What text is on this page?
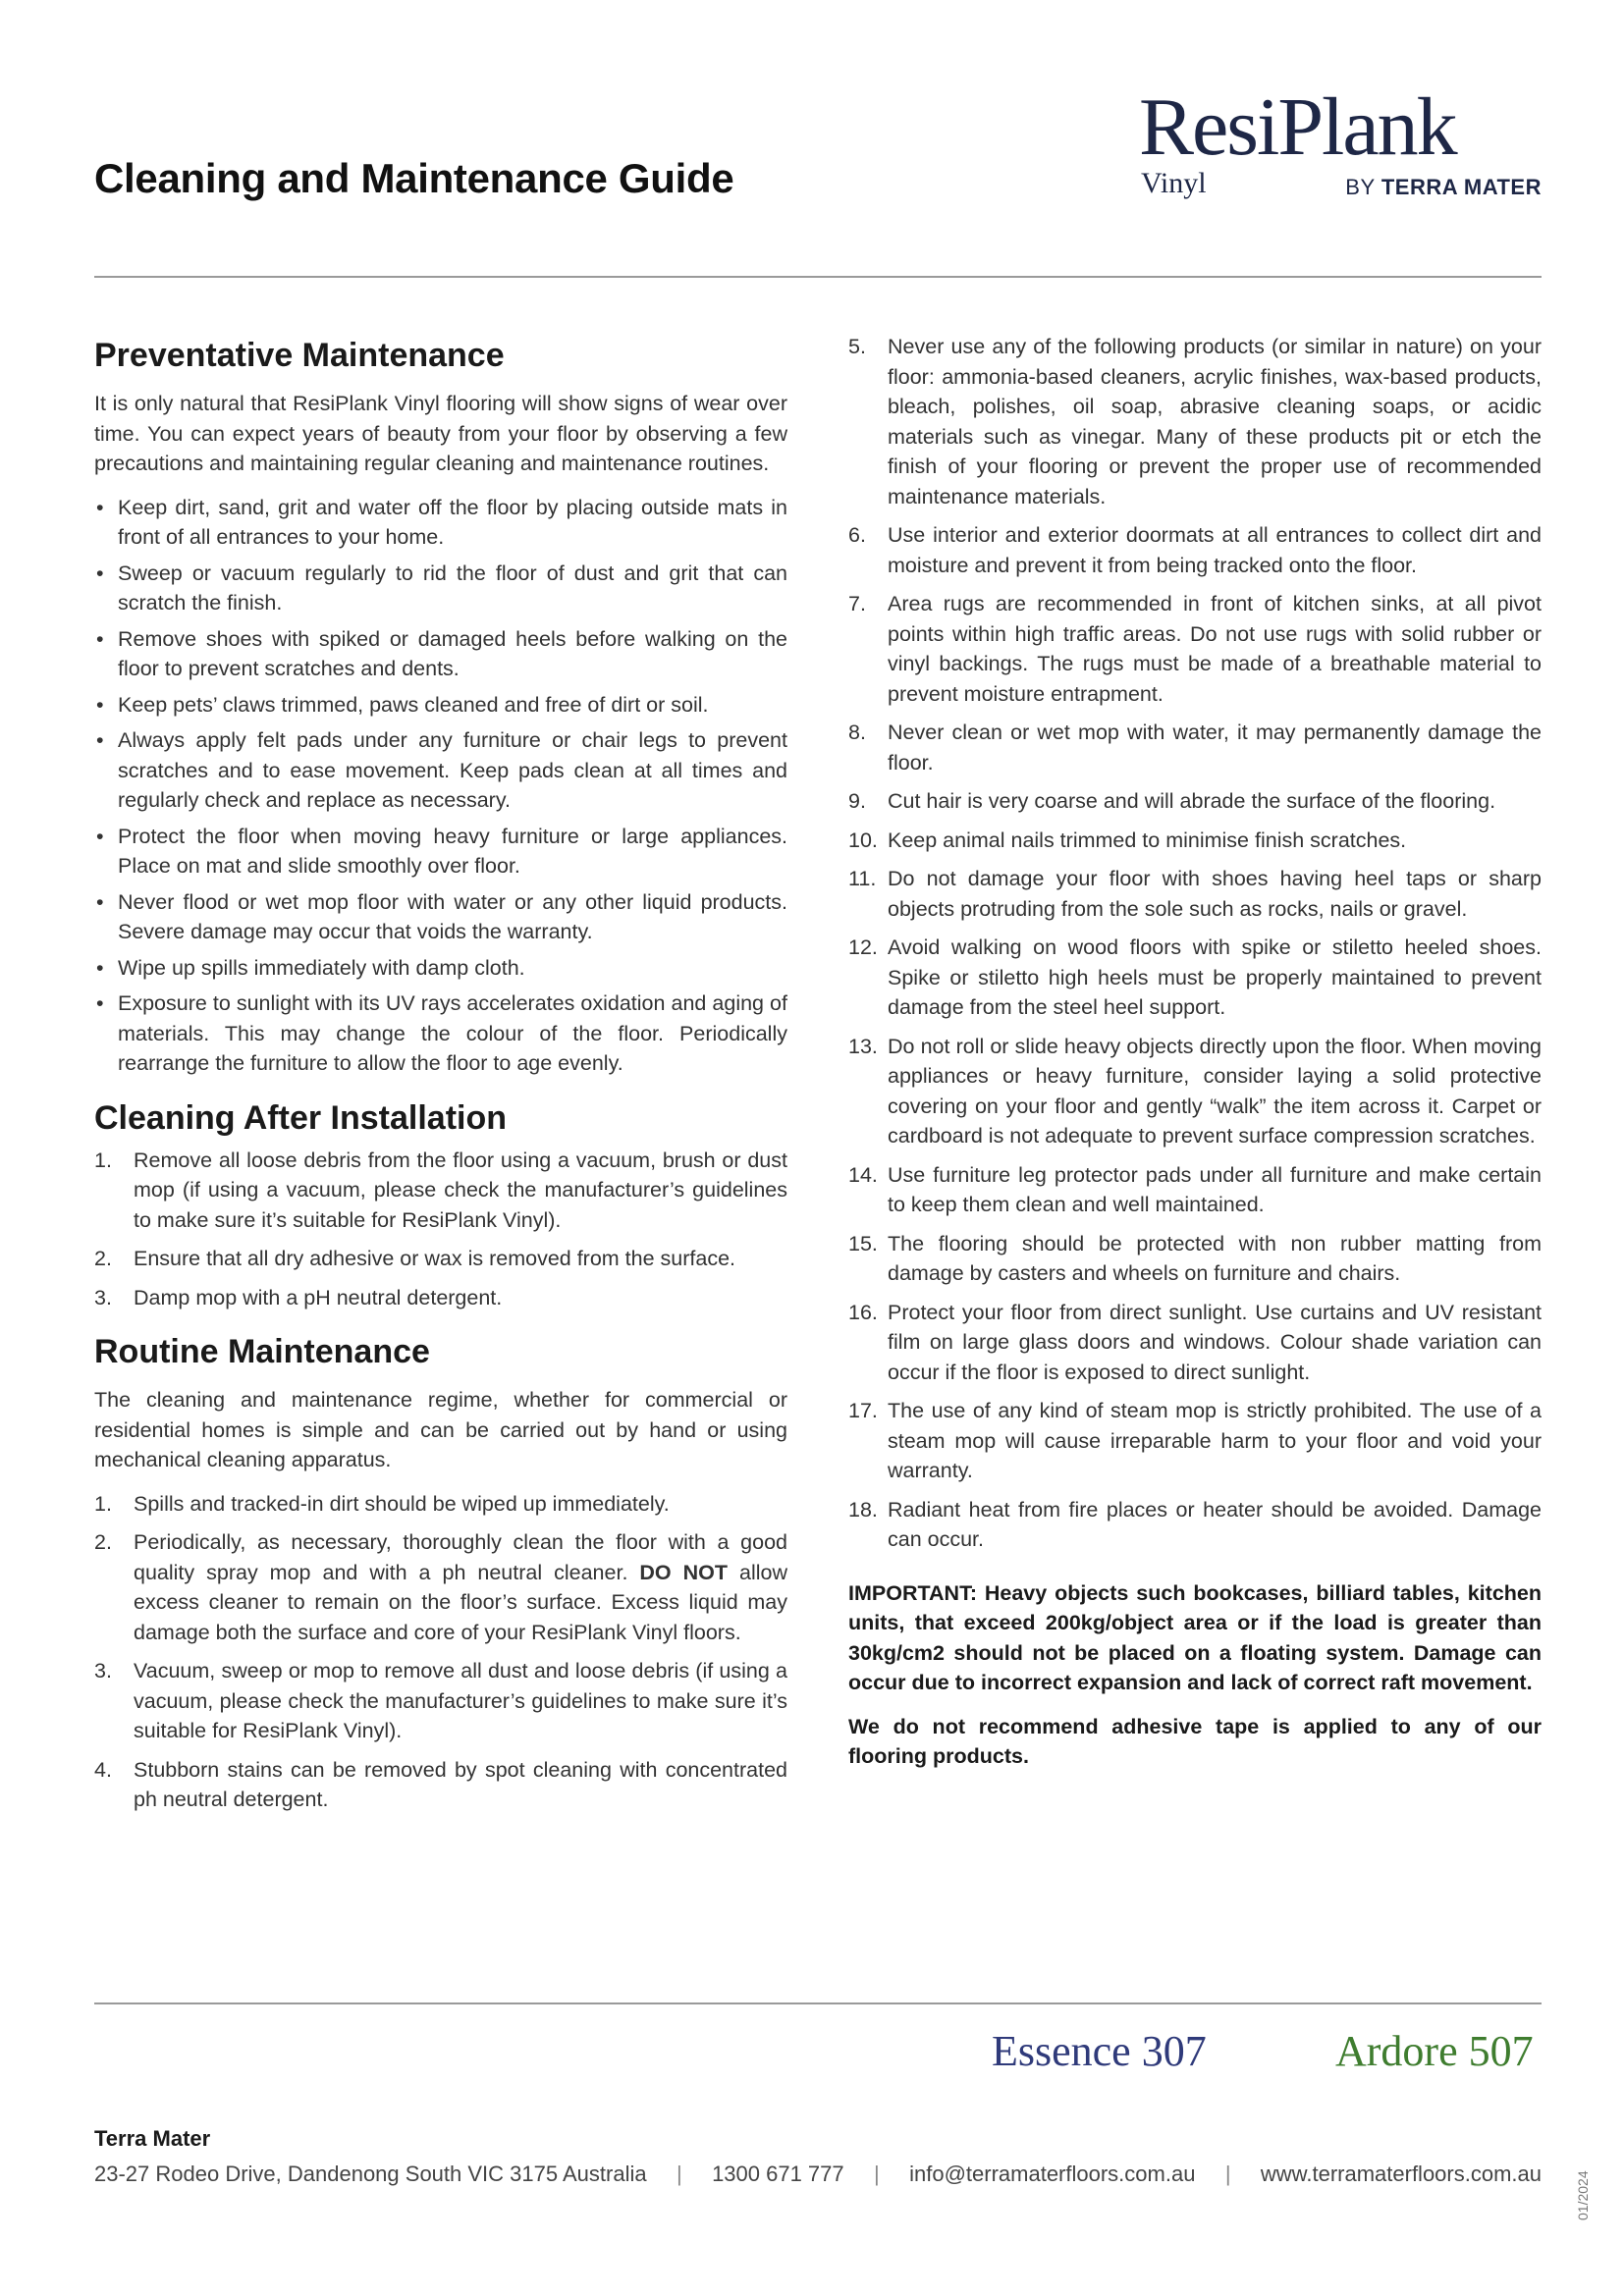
Cleaning and Maintenance Guide
ResiPlank
Vinyl	BY TERRA MATER
Preventative Maintenance

It is only natural that ResiPlank Vinyl flooring will show signs of wear over time. You can expect years of beauty from your floor by observing a few precautions and maintaining regular cleaning and maintenance routines.

• Keep dirt, sand, grit and water off the floor by placing outside mats in front of all entrances to your home.
• Sweep or vacuum regularly to rid the floor of dust and grit that can scratch the finish.
• Remove shoes with spiked or damaged heels before walking on the floor to prevent scratches and dents.
• Keep pets’ claws trimmed, paws cleaned and free of dirt or soil.
• Always apply felt pads under any furniture or chair legs to prevent scratches and to ease movement. Keep pads clean at all times and regularly check and replace as necessary.
• Protect the floor when moving heavy furniture or large appliances. Place on mat and slide smoothly over floor.
• Never flood or wet mop floor with water or any other liquid products. Severe damage may occur that voids the warranty.
• Wipe up spills immediately with damp cloth.
• Exposure to sunlight with its UV rays accelerates oxidation and aging of materials. This may change the colour of the floor. Periodically rearrange the furniture to allow the floor to age evenly.
Cleaning After Installation
1. Remove all loose debris from the floor using a vacuum, brush or dust mop (if using a vacuum, please check the manufacturer’s guidelines to make sure it’s suitable for ResiPlank Vinyl).
2. Ensure that all dry adhesive or wax is removed from the surface.
3. Damp mop with a pH neutral detergent.
Routine Maintenance

The cleaning and maintenance regime, whether for commercial or residential homes is simple and can be carried out by hand or using mechanical cleaning apparatus.

1. Spills and tracked-in dirt should be wiped up immediately.
2. Periodically, as necessary, thoroughly clean the floor with a good quality spray mop and with a ph neutral cleaner. DO NOT allow excess cleaner to remain on the floor’s surface. Excess liquid may damage both the surface and core of your ResiPlank Vinyl floors.
3. Vacuum, sweep or mop to remove all dust and loose debris (if using a vacuum, please check the manufacturer’s guidelines to make sure it’s suitable for ResiPlank Vinyl).
4. Stubborn stains can be removed by spot cleaning with concentrated ph neutral detergent.
5. Never use any of the following products (or similar in nature) on your floor: ammonia-based cleaners, acrylic finishes, wax-based products, bleach, polishes, oil soap, abrasive cleaning soaps, or acidic materials such as vinegar. Many of these products pit or etch the finish of your flooring or prevent the proper use of recommended maintenance materials.
6. Use interior and exterior doormats at all entrances to collect dirt and moisture and prevent it from being tracked onto the floor.
7. Area rugs are recommended in front of kitchen sinks, at all pivot points within high traffic areas. Do not use rugs with solid rubber or vinyl backings. The rugs must be made of a breathable material to prevent moisture entrapment.
8. Never clean or wet mop with water, it may permanently damage the floor.
9. Cut hair is very coarse and will abrade the surface of the flooring.
10. Keep animal nails trimmed to minimise finish scratches.
11. Do not damage your floor with shoes having heel taps or sharp objects protruding from the sole such as rocks, nails or gravel.
12. Avoid walking on wood floors with spike or stiletto heeled shoes. Spike or stiletto high heels must be properly maintained to prevent damage from the steel heel support.
13. Do not roll or slide heavy objects directly upon the floor. When moving appliances or heavy furniture, consider laying a solid protective covering on your floor and gently “walk” the item across it. Carpet or cardboard is not adequate to prevent surface compression scratches.
14. Use furniture leg protector pads under all furniture and make certain to keep them clean and well maintained.
15. The flooring should be protected with non rubber matting from damage by casters and wheels on furniture and chairs.
16. Protect your floor from direct sunlight. Use curtains and UV resistant film on large glass doors and windows. Colour shade variation can occur if the floor is exposed to direct sunlight.
17. The use of any kind of steam mop is strictly prohibited. The use of a steam mop will cause irreparable harm to your floor and void your warranty.
18. Radiant heat from fire places or heater should be avoided. Damage can occur.

IMPORTANT: Heavy objects such bookcases, billiard tables, kitchen units, that exceed 200kg/object area or if the load is greater than 30kg/cm2 should not be placed on a floating system. Damage can occur due to incorrect expansion and lack of correct raft movement.

We do not recommend adhesive tape is applied to any of our flooring products.

Essence 307	Ardore 507
Terra Mater
23-27 Rodeo Drive, Dandenong South VIC 3175 Australia | 1300 671 777 | info@terramaterfloors.com.au | www.terramaterfloors.com.au 01/2024
